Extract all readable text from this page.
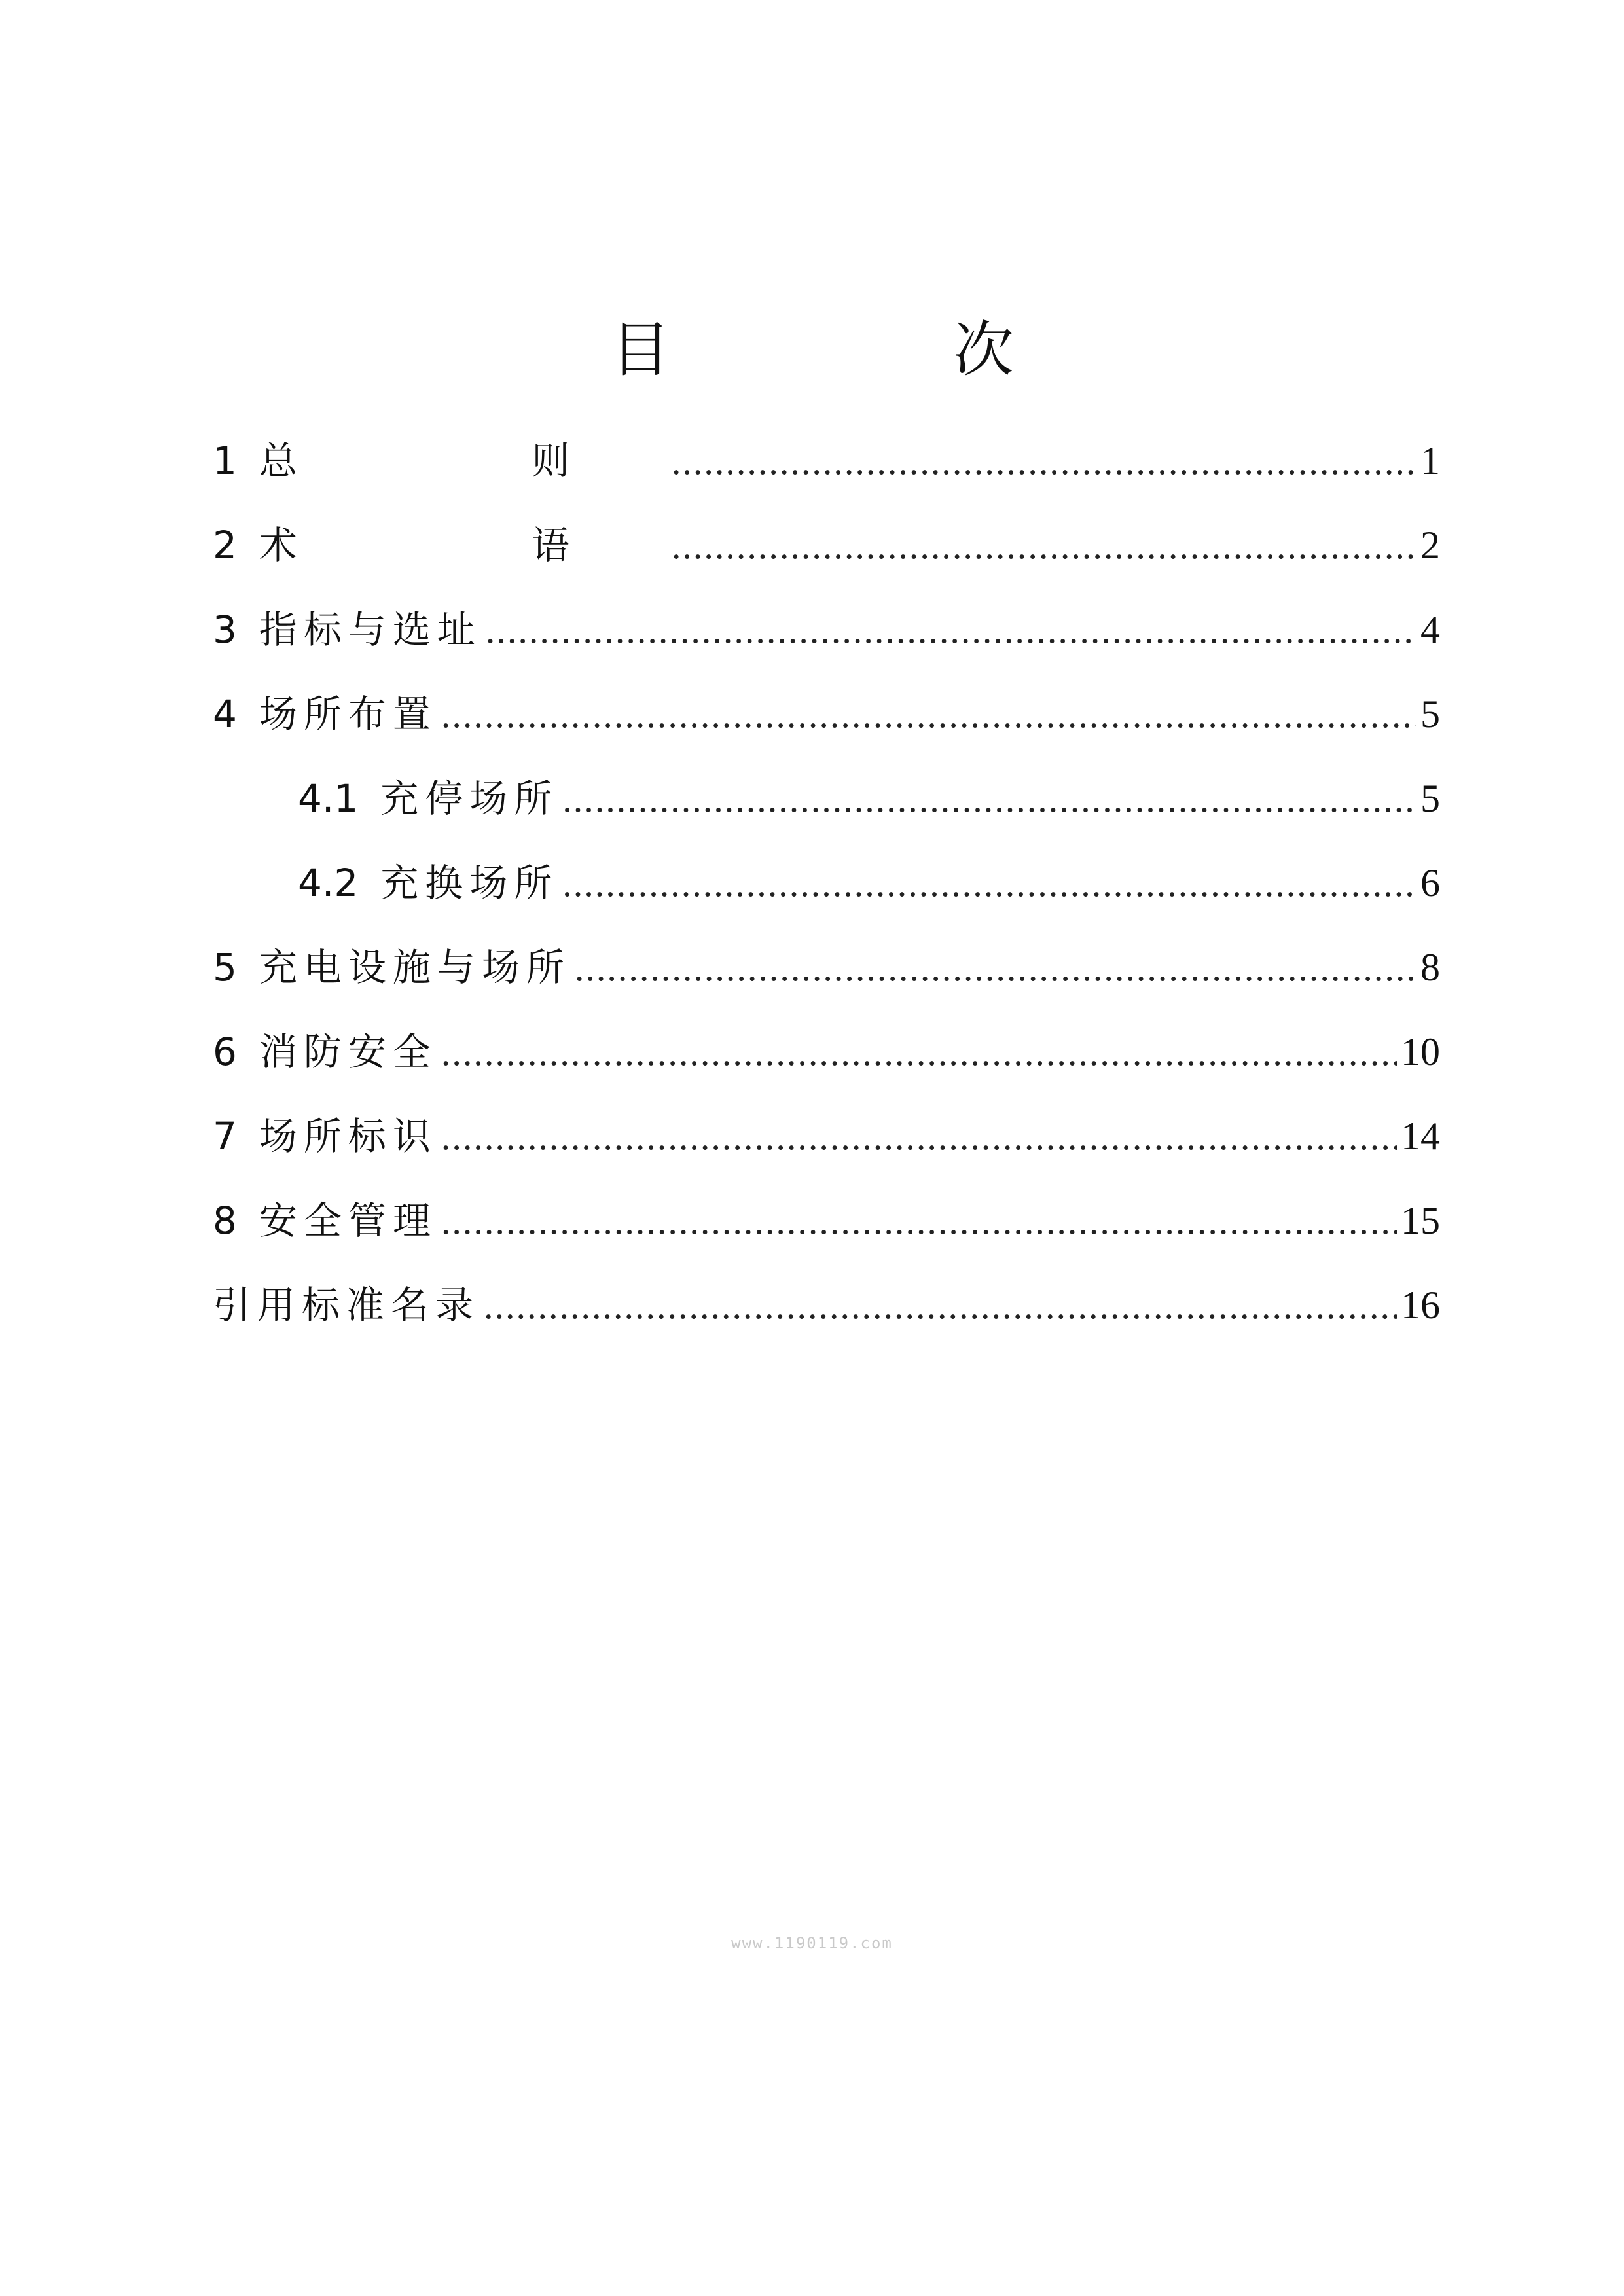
目　次
1 总　则 .....	1
2 术　语 .....	2
3 指标与选址 .....	4
4 场所布置 .....	5
4.1 充停场所 .....	5
4.2 充换场所 .....	6
5 充电设施与场所 .....	8
6 消防安全 .....	10
7 场所标识 .....	14
8 安全管理 .....	15
引用标准名录 .....	16
www.1190119.com
